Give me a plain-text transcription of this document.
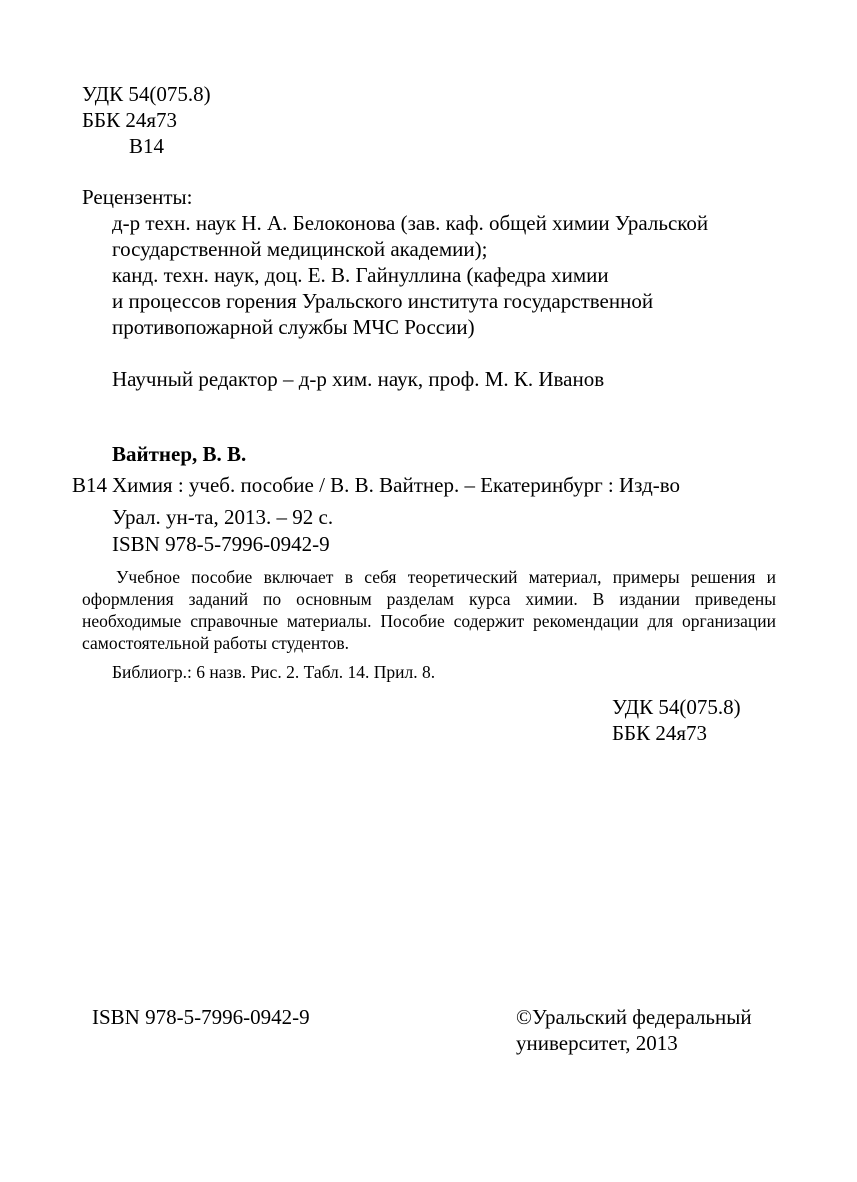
УДК 54(075.8)
ББК 24я73
В14
Рецензенты:
д-р техн. наук Н. А. Белоконова (зав. каф. общей химии Уральской
государственной медицинской академии);
канд. техн. наук, доц. Е. В. Гайнуллина (кафедра химии
и процессов горения Уральского института государственной
противопожарной службы МЧС России)
Научный редактор – д-р хим. наук, проф. М. К. Иванов
Вайтнер, В. В.
В14 Химия : учеб. пособие / В. В. Вайтнер. – Екатеринбург : Изд-во
Урал. ун-та, 2013. – 92 с.
ISBN 978-5-7996-0942-9

Учебное пособие включает в себя теоретический материал, примеры решения и оформления заданий по основным разделам курса химии. В издании приведены необходимые справочные материалы. Пособие содержит рекомендации для организации самостоятельной работы студентов.

Библиогр.: 6 назв. Рис. 2. Табл. 14. Прил. 8.
УДК 54(075.8)
ББК 24я73
ISBN 978-5-7996-0942-9	©Уральский федеральный
университет, 2013
